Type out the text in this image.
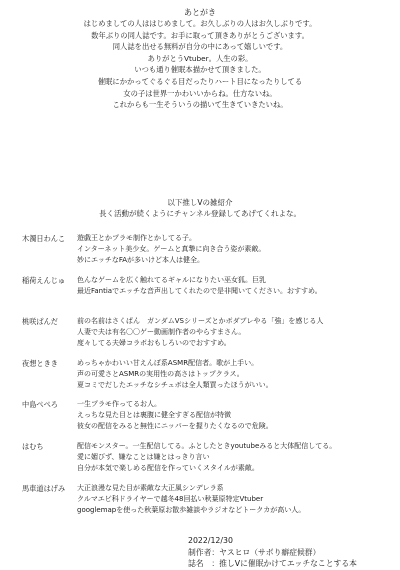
あとがき
はじめましての人ははじめまして。お久しぶりの人はお久しぶりです。
数年ぶりの同人誌です。お手に取って頂きありがとうございます。
同人誌を出せる無料が自分の中にあって嬉しいです。
ありがとうVtuber。人生の彩。
いつも通り催眠本描かせて頂きました。
催眠にかかってぐるぐる目だったりハート目になったりしてる
女の子は世界一かわいいからね。仕方ないね。
これからも一生そういうの描いて生きていきたいね。
以下推しVの雑紹介
長く活動が続くようにチャンネル登録してあげてくれよな。
木濁日わんこ	遊戯王とかプラモ制作とかしてる子。
インターネット美少女。ゲームと真摯に向き合う姿が素敵。
妙にエッチなFAが多いけど本人は健全。
稲荷えんじゅ	色んなゲームを広く触れてるギャルになりたい巫女狐。巨乳
最近Fantiaでエッチな音声出してくれたので是非聞いてください。おすすめ。
桃咲ぱんだ	前の名前はさくぱん　ガンダムVSシリーズとかボダブレやる「強」を感じる人
人妻で夫は有名〇〇ゲー動画制作者のやらすまさん。
度々してる夫婦コラボおもしろいのでおすすめ。
夜想ときき	めっちゃかわいい甘えんぼ系ASMR配信者。歌が上手い。
声の可愛さとASMRの実用性の高さはトップクラス。
夏コミでだしたエッチなシチュボは全人類買ったほうがいい。
中島ぺぺろ	一生プラモ作ってるお人。
えっちな見た目とは裏腹に健全すぎる配信が特徴
彼女の配信をみると無性にニッパーを握りたくなるので危険。
はむち	配信モンスター。一生配信してる。ふとしたときyoutubeみると大体配信してる。
愛に媚びず、嫌なことは嫌とはっきり言い
自分が本気で楽しめる配信を作っていくスタイルが素敵。
馬車道はげみ	大正浪漫な見た目が素敵な大正風シンデレラ系
クルマエビ科ドライヤーで越冬48回払い秋葉原特定Vtuber
googlemapを使った秋葉原お散歩雑談やラジオなどトークカが高い人。
2022/12/30
制作者：ヤスヒロ（サボり癖症候群）
誌名　：推しVに催眠かけてエッチなことする本
